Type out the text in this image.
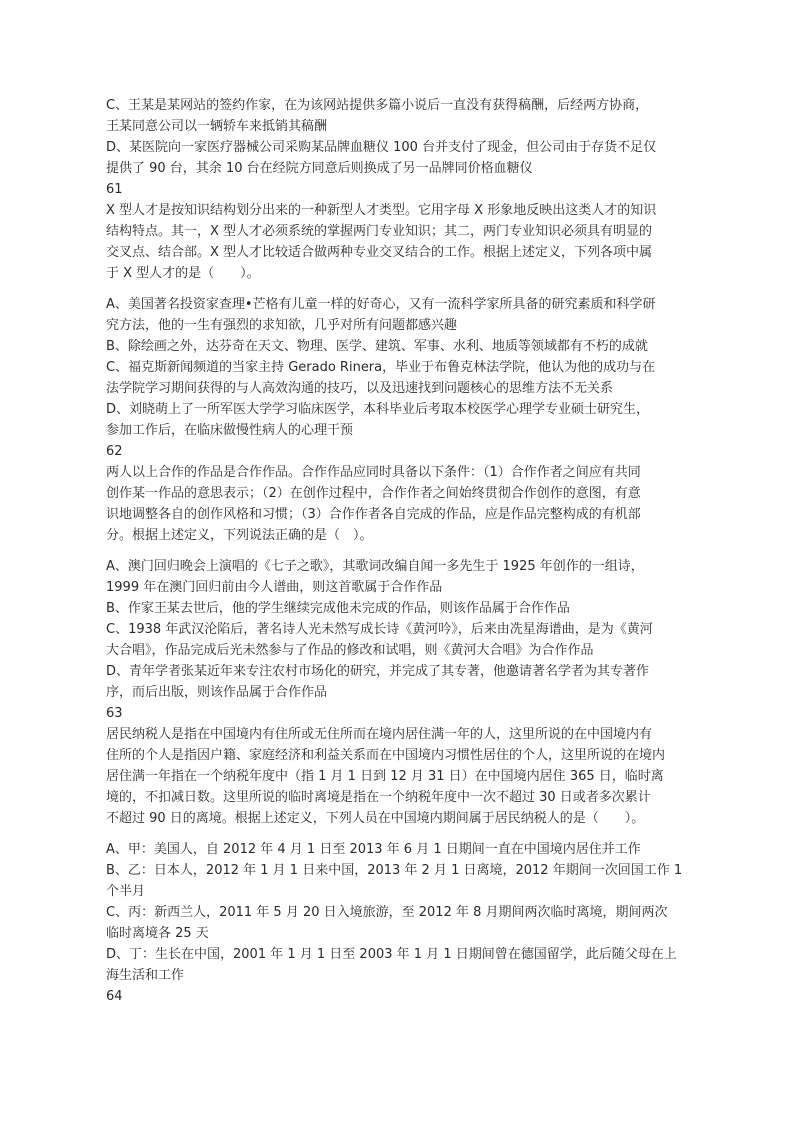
C、王某是某网站的签约作家，在为该网站提供多篇小说后一直没有获得稿酬，后经两方协商，

王某同意公司以一辆轿车来抵销其稿酬

D、某医院向一家医疗器械公司采购某品牌血糖仪 100 台并支付了现金，但公司由于存货不足仅

提供了 90 台，其余 10 台在经院方同意后则换成了另一品牌同价格血糖仪

61

X 型人才是按知识结构划分出来的一种新型人才类型。它用字母 X 形象地反映出这类人才的知识

结构特点。其一，X 型人才必须系统的掌握两门专业知识；其二，两门专业知识必须具有明显的

交叉点、结合部。X 型人才比较适合做两种专业交叉结合的工作。根据上述定义，下列各项中属

于 X 型人才的是（　　）。

A、美国著名投资家查理•芒格有儿童一样的好奇心，又有一流科学家所具备的研究素质和科学研

究方法，他的一生有强烈的求知欲，几乎对所有问题都感兴趣

B、除绘画之外，达芬奇在天文、物理、医学、建筑、军事、水利、地质等领域都有不朽的成就

C、福克斯新闻频道的当家主持 Gerado Rinera，毕业于布鲁克林法学院，他认为他的成功与在

法学院学习期间获得的与人高效沟通的技巧，以及迅速找到问题核心的思维方法不无关系

D、刘晓萌上了一所军医大学学习临床医学，本科毕业后考取本校医学心理学专业硕士研究生，

参加工作后，在临床做慢性病人的心理干预

62

两人以上合作的作品是合作作品。合作作品应同时具备以下条件：（1）合作作者之间应有共同

创作某一作品的意思表示；（2）在创作过程中，合作作者之间始终贯彻合作创作的意图，有意

识地调整各自的创作风格和习惯；（3）合作作者各自完成的作品，应是作品完整构成的有机部

分。根据上述定义，下列说法正确的是（　）。

A、澳门回归晚会上演唱的《七子之歌》，其歌词改编自闻一多先生于 1925 年创作的一组诗，

1999 年在澳门回归前由今人谱曲，则这首歌属于合作作品

B、作家王某去世后，他的学生继续完成他未完成的作品，则该作品属于合作作品

C、1938 年武汉沦陷后，著名诗人光未然写成长诗《黄河吟》，后来由冼星海谱曲，是为《黄河

大合唱》，作品完成后光未然参与了作品的修改和试唱，则《黄河大合唱》为合作作品

D、青年学者张某近年来专注农村市场化的研究，并完成了其专著，他邀请著名学者为其专著作

序，而后出版，则该作品属于合作作品

63

居民纳税人是指在中国境内有住所或无住所而在境内居住满一年的人，这里所说的在中国境内有

住所的个人是指因户籍、家庭经济和利益关系而在中国境内习惯性居住的个人，这里所说的在境内

居住满一年指在一个纳税年度中（指 1 月 1 日到 12 月 31 日）在中国境内居住 365 日，临时离

境的，不扣减日数。这里所说的临时离境是指在一个纳税年度中一次不超过 30 日或者多次累计

不超过 90 日的离境。根据上述定义，下列人员在中国境内期间属于居民纳税人的是（　　）。

A、甲：美国人，自 2012 年 4 月 1 日至 2013 年 6 月 1 日期间一直在中国境内居住并工作

B、乙：日本人，2012 年 1 月 1 日来中国，2013 年 2 月 1 日离境，2012 年期间一次回国工作 1

个半月

C、丙：新西兰人，2011 年 5 月 20 日入境旅游，至 2012 年 8 月期间两次临时离境，期间两次

临时离境各 25 天

D、丁：生长在中国，2001 年 1 月 1 日至 2003 年 1 月 1 日期间曾在德国留学，此后随父母在上

海生活和工作

64
